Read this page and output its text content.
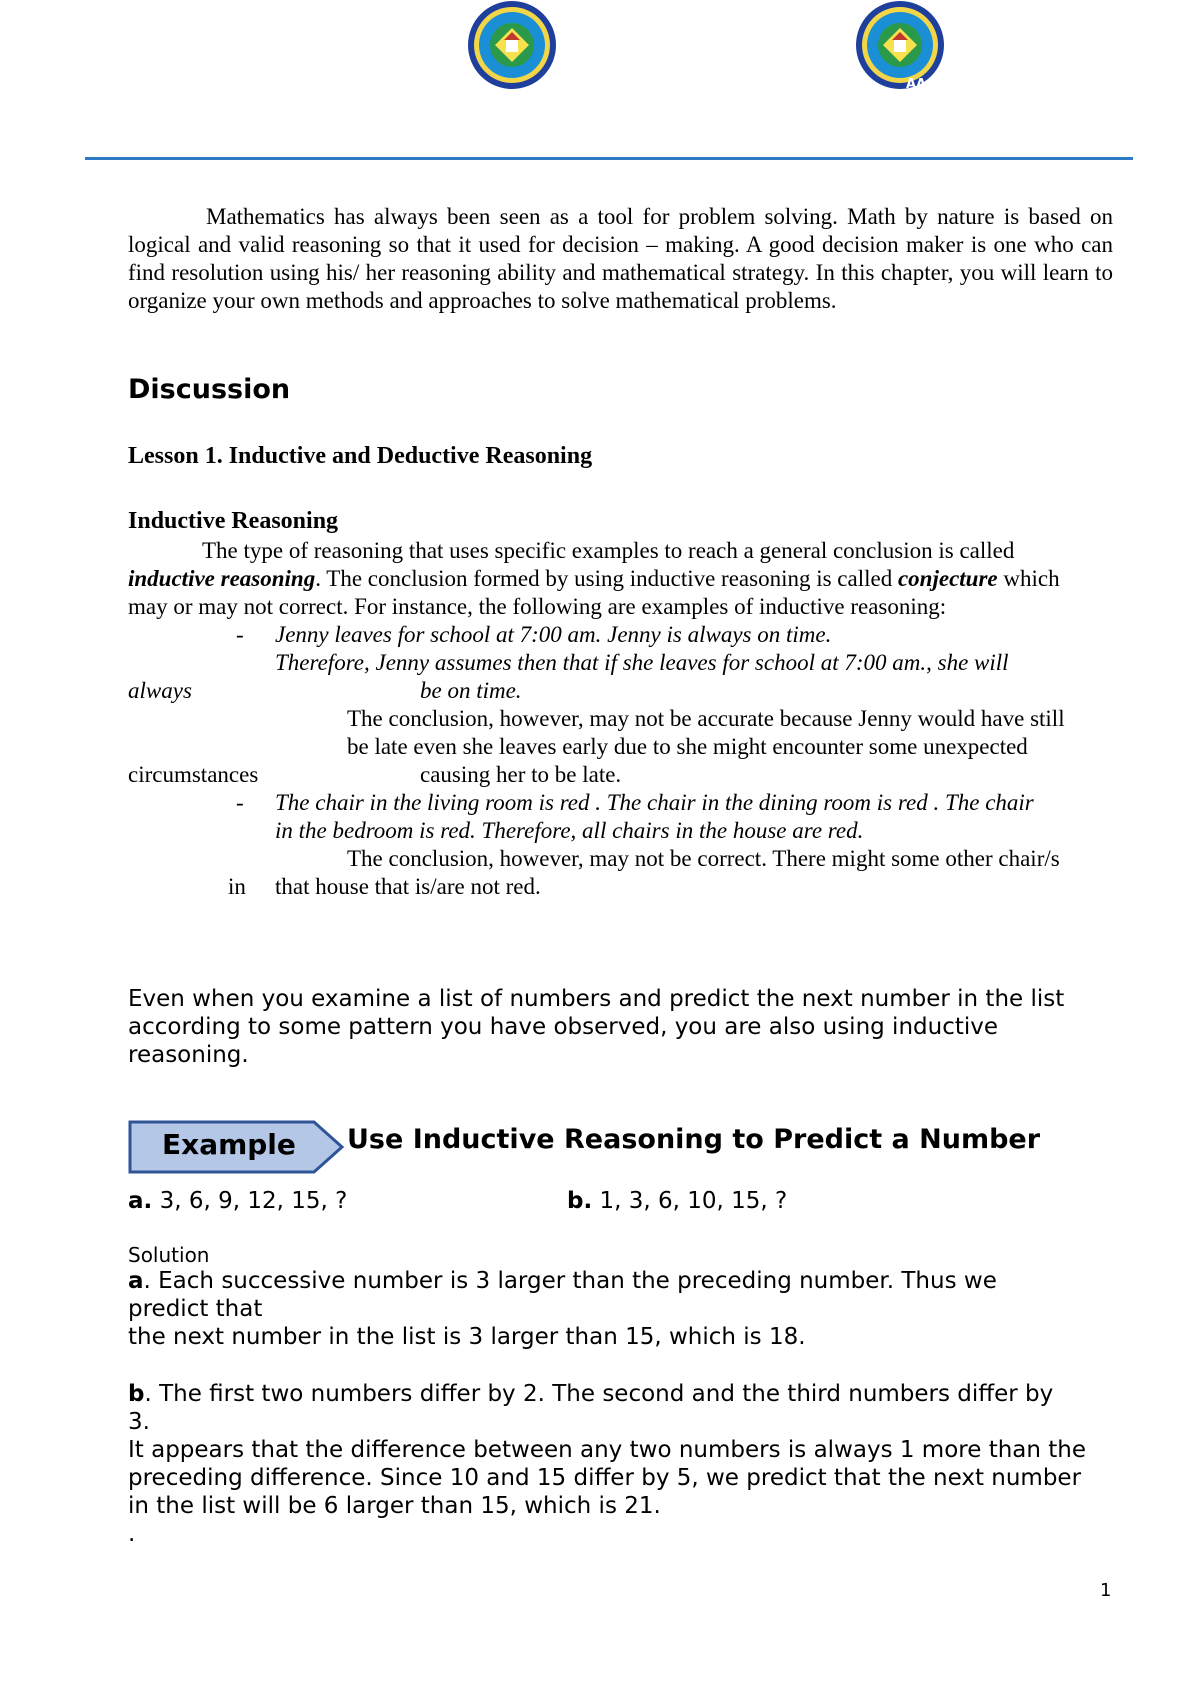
AA.C

Mathematics has always been seen as a tool for problem solving. Math by nature is based on logical and valid reasoning so that it used for decision – making. A good decision maker is one who can find resolution using his/ her reasoning ability and mathematical strategy. In this chapter, you will learn to organize your own methods and approaches to solve mathematical problems.

Discussion
Lesson 1. Inductive and Deductive Reasoning
Inductive Reasoning
The type of reasoning that uses specific examples to reach a general conclusion is called
inductive reasoning. The conclusion formed by using inductive reasoning is called conjecture which
may or may not correct. For instance, the following are examples of inductive reasoning:
- Jenny leaves for school at 7:00 am. Jenny is always on time.
Therefore, Jenny assumes then that if she leaves for school at 7:00 am., she will
always	be on time.
The conclusion, however, may not be accurate because Jenny would have still
be late even she leaves early due to she might encounter some unexpected
circumstances	causing her to be late.
- The chair in the living room is red . The chair in the dining room is red . The chair
in the bedroom is red. Therefore, all chairs in the house are red.
The conclusion, however, may not be correct. There might some other chair/s
in that house that is/are not red.
Even when you examine a list of numbers and predict the next number in the list according to some pattern you have observed, you are also using inductive reasoning.
Example Use Inductive Reasoning to Predict a Number
a. 3, 6, 9, 12, 15, ?	b. 1, 3, 6, 10, 15, ?
Solution
a. Each successive number is 3 larger than the preceding number. Thus we
predict that
the next number in the list is 3 larger than 15, which is 18.
b. The first two numbers differ by 2. The second and the third numbers differ by
3.
It appears that the difference between any two numbers is always 1 more than the preceding difference. Since 10 and 15 differ by 5, we predict that the next number in the list will be 6 larger than 15, which is 21.
.
1
